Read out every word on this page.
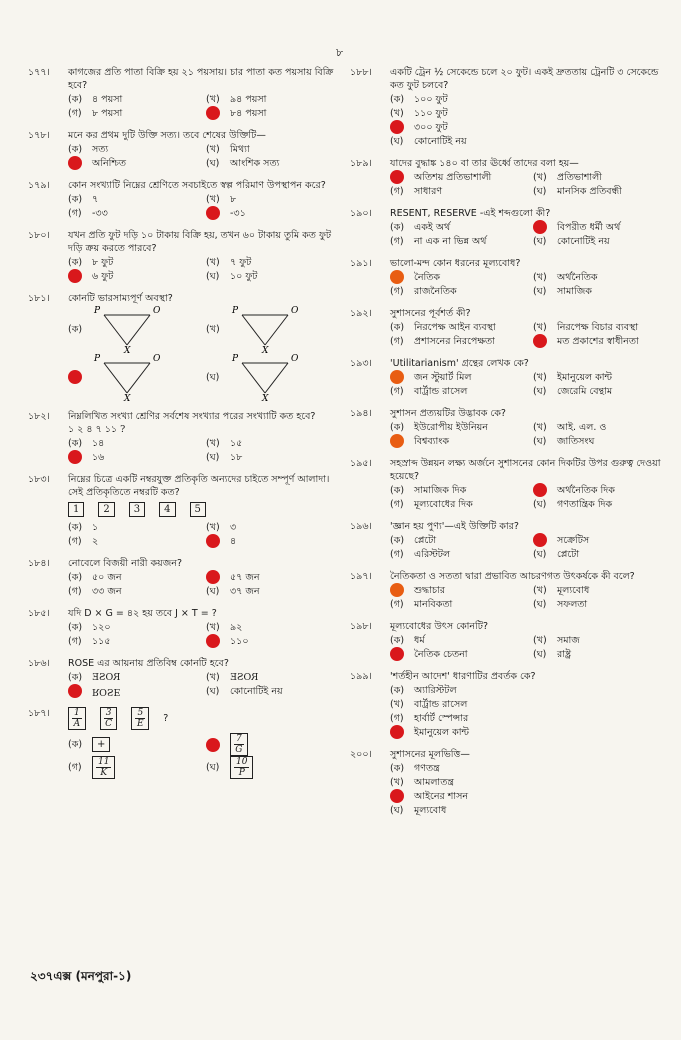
৮
১৭৭।	কাগজের প্রতি পাতা বিক্রি হয় ২১ পয়সায়। চার পাতা কত পয়সায় বিক্রি হবে?
(ক)	৪ পয়সা	(খ)	৯৪ পয়সা
(গ)	৮ পয়সা	৮৪ পয়সা
১৭৮।	মনে কর প্রথম দুটি উক্তি সত্য। তবে শেষের উক্তিটি—
(ক)	সত্য	(খ)	মিথ্যা
অনিশ্চিত	(ঘ)	আংশিক সত্য
১৭৯।	কোন সংখ্যাটি নিম্নের শ্রেণিতে সবচাইতে স্বল্প পরিমাণ উপস্থাপন করে?
(ক)	৭	(খ)	৮
(গ)	-৩৩	-৩১
১৮০।	যখন প্রতি ফুট দড়ি ১০ টাকায় বিক্রি হয়, তখন ৬০ টাকায় তুমি কত ফুট দড়ি ক্রয় করতে পারবে?
(ক)	৮ ফুট	(খ)	৭ ফুট
৬ ফুট	(ঘ)	১০ ফুট
১৮১।	কোনটি ভারসাম্যপূর্ণ অবস্থা?
(ক)
P	O
X
(খ)
P	O
X
P	O
X
(ঘ)
P	O
X
১৮২।	নিম্নলিখিত সংখ্যা শ্রেণির সর্বশেষ সংখ্যার পরের সংখ্যাটি কত হবে?
১ ২ ৪ ৭ ১১ ?
(ক)	১৪	(খ)	১৫
১৬	(ঘ)	১৮
১৮৩।	নিম্নের চিত্রে একটি নম্বরযুক্ত প্রতিকৃতি অন্যদের চাইতে সম্পূর্ণ আলাদা। সেই প্রতিকৃতিতে নম্বরটি কত?
1	2	3	4	5
(ক)	১	(খ)	৩
(গ)	২	৪
১৮৪।	নোবেলে বিজয়ী নারী কয়জন?
(ক)	৫০ জন	৫৭ জন
(গ)	৩৩ জন	(ঘ)	৩৭ জন
১৮৫।	যদি D × G = ৪২ হয় তবে J × T = ?
(ক)	১২০	(খ)	৯২
(গ)	১১৫	১১০
১৮৬।	ROSE এর আয়নায় প্রতিবিম্ব কোনটি হবে?
(ক)	ROSE	(খ)	ROSE
ROSE	(ঘ)	কোনোটিই নয়
১৮৭।	$\frac{1}{A} \frac{3}{C} \frac{5}{E}$ ?
(ক)	+	$\frac{7}{G}$
(গ)	$\frac{11}{K}$	(ঘ)	$\frac{10}{P}$
১৮৮।	একটি ট্রেন ½ সেকেন্ডে চলে ২০ ফুট। একই দ্রুততায় ট্রেনটি ৩ সেকেন্ডে কত ফুট চলবে?
(ক)	১০০ ফুট
(খ)	১১০ ফুট
৩০০ ফুট
(ঘ)	কোনোটিই নয়
১৮৯।	যাদের বুদ্ধাঙ্ক ১৪০ বা তার ঊর্ধ্বে তাদের বলা হয়—
অতিশয় প্রতিভাশালী	(খ)	প্রতিভাশালী
(গ)	সাধারণ	(ঘ)	মানসিক প্রতিবন্ধী
১৯০।	RESENT, RESERVE -এই শব্দগুলো কী?
(ক)	একই অর্থ	বিপরীত ধর্মী অর্থ
(গ)	না এক না ভিন্ন অর্থ	(ঘ)	কোনোটিই নয়
১৯১।	ভালো-মন্দ কোন ধরনের মূল্যবোধ?
নৈতিক	(খ)	অর্থনৈতিক
(গ)	রাজনৈতিক	(ঘ)	সামাজিক
১৯২।	সুশাসনের পূর্বশর্ত কী?
(ক)	নিরপেক্ষ আইন ব্যবস্থা	(খ)	নিরপেক্ষ বিচার ব্যবস্থা
(গ)	প্রশাসনের নিরপেক্ষতা	মত প্রকাশের স্বাধীনতা
১৯৩।	'Utilitarianism' গ্রন্থের লেখক কে?
জন স্টুয়ার্ট মিল	(খ)	ইমানুয়েল কান্ট
(গ)	বার্ট্রান্ড রাসেল	(ঘ)	জেরেমি বেন্থাম
১৯৪।	সুশাসন প্রত্যয়টির উদ্ভাবক কে?
(ক)	ইউরোপীয় ইউনিয়ন	(খ)	আই. এল. ও
বিশ্বব্যাংক	(ঘ)	জাতিসংঘ
১৯৫।	সহস্রাব্দ উন্নয়ন লক্ষ্য অর্জনে সুশাসনের কোন দিকটির উপর গুরুত্ব দেওয়া হয়েছে?
(ক)	সামাজিক দিক	অর্থনৈতিক দিক
(গ)	মূল্যবোধের দিক	(ঘ)	গণতান্ত্রিক দিক
১৯৬।	'জ্ঞান হয় পুণ্য'—এই উক্তিটি কার?
(ক)	প্লেটো	সক্রেটিস
(গ)	এরিস্টটল	(ঘ)	প্লেটো
১৯৭।	নৈতিকতা ও সততা দ্বারা প্রভাবিত আচরণগত উৎকর্ষকে কী বলে?
শুদ্ধাচার	(খ)	মূল্যবোধ
(গ)	মানবিকতা	(ঘ)	সফলতা
১৯৮।	মূল্যবোধের উৎস কোনটি?
(ক)	ধর্ম	(খ)	সমাজ
নৈতিক চেতনা	(ঘ)	রাষ্ট্র
১৯৯।	'শর্তহীন আদেশ' ধারণাটির প্রবর্তক কে?
(ক)	অ্যারিস্টটল
(খ)	বার্ট্রান্ড রাসেল
(গ)	হার্বার্ট স্পেন্সার
ইমানুয়েল কান্ট
২০০।	সুশাসনের মূলভিত্তি—
(ক)	গণতন্ত্র
(খ)	আমলাতন্ত্র
আইনের শাসন
(ঘ)	মূল্যবোধ
২৩৭এক্স (মনপুরা-১)
